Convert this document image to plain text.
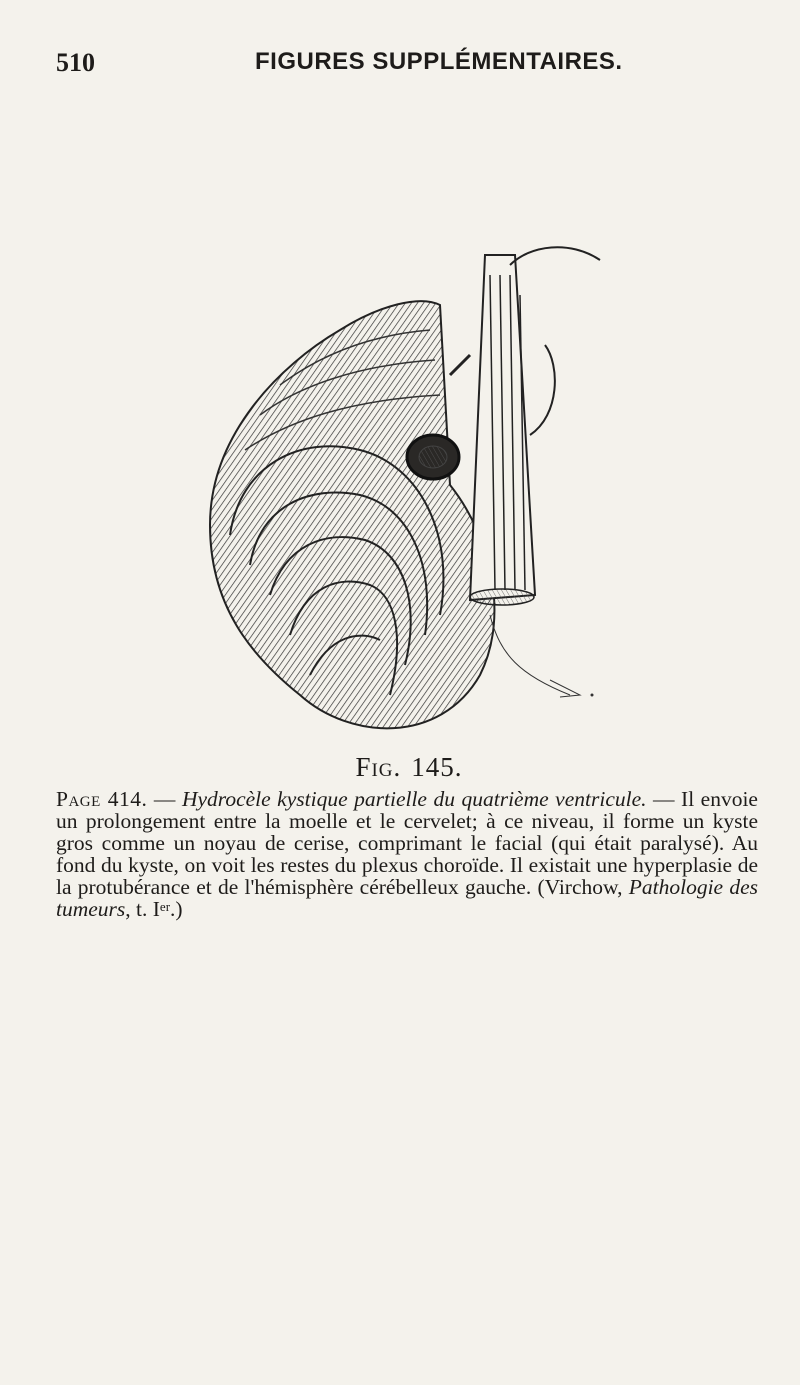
510	FIGURES SUPPLÉMENTAIRES.
Fig. 145.

Page 414. — Hydrocèle kystique partielle du quatrième ventricule. — Il envoie un prolongement entre la moelle et le cervelet; à ce niveau, il forme un kyste gros comme un noyau de cerise, comprimant le facial (qui était paralysé). Au fond du kyste, on voit les restes du plexus choroïde. Il existait une hyperplasie de la protubérance et de l'hémisphère cérébelleux gauche. (Virchow, Pathologie des tumeurs, t. Ier.)
